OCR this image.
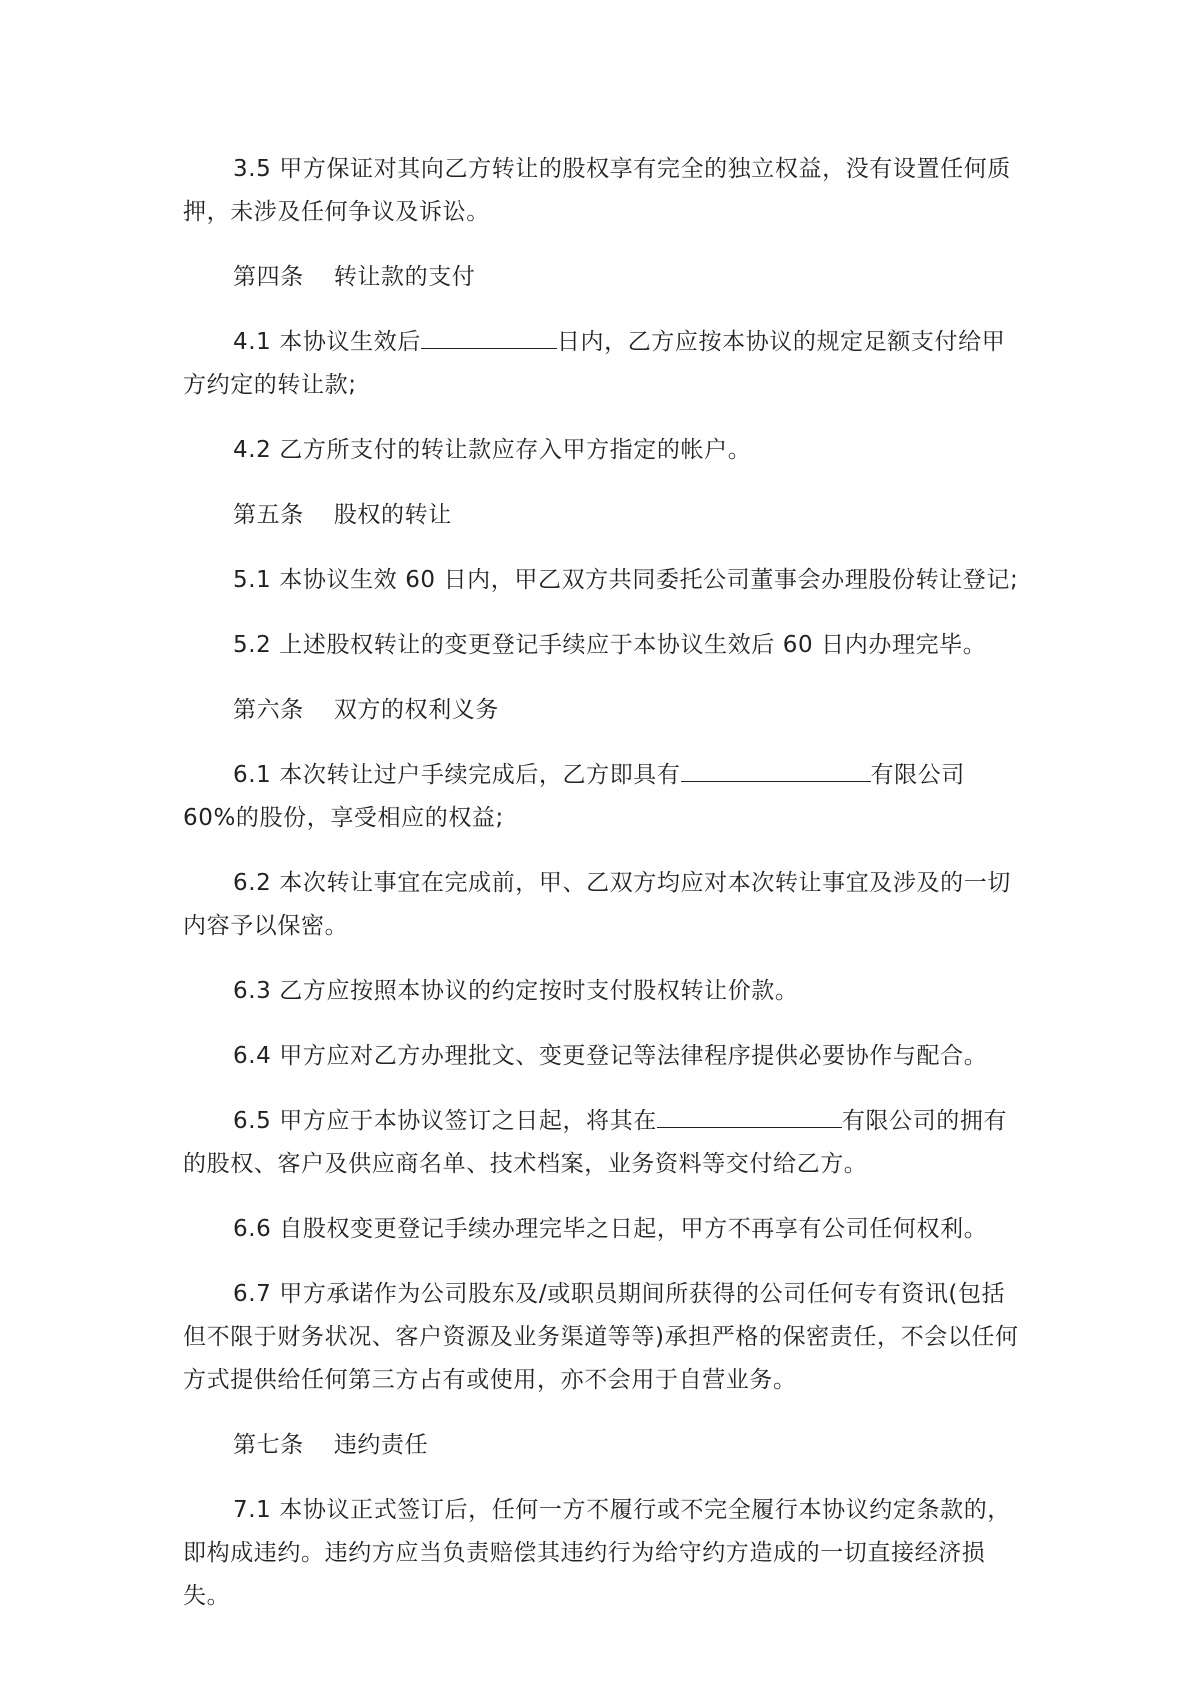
3.5 甲方保证对其向乙方转让的股权享有完全的独立权益，没有设置任何质押，未涉及任何争议及诉讼。

第四条 转让款的支付

4.1 本协议生效后	日内，乙方应按本协议的规定足额支付给甲方约定的转让款;

4.2 乙方所支付的转让款应存入甲方指定的帐户。

第五条 股权的转让

5.1 本协议生效 60 日内，甲乙双方共同委托公司董事会办理股份转让登记;

5.2 上述股权转让的变更登记手续应于本协议生效后 60 日内办理完毕。

第六条 双方的权利义务

6.1 本次转让过户手续完成后，乙方即具有	有限公司 60%的股份，享受相应的权益;

6.2 本次转让事宜在完成前，甲、乙双方均应对本次转让事宜及涉及的一切内容予以保密。

6.3 乙方应按照本协议的约定按时支付股权转让价款。

6.4 甲方应对乙方办理批文、变更登记等法律程序提供必要协作与配合。

6.5 甲方应于本协议签订之日起，将其在	有限公司的拥有的股权、客户及供应商名单、技术档案，业务资料等交付给乙方。

6.6 自股权变更登记手续办理完毕之日起，甲方不再享有公司任何权利。

6.7 甲方承诺作为公司股东及/或职员期间所获得的公司任何专有资讯(包括但不限于财务状况、客户资源及业务渠道等等)承担严格的保密责任，不会以任何方式提供给任何第三方占有或使用，亦不会用于自营业务。

第七条 违约责任

7.1 本协议正式签订后，任何一方不履行或不完全履行本协议约定条款的，即构成违约。违约方应当负责赔偿其违约行为给守约方造成的一切直接经济损失。
